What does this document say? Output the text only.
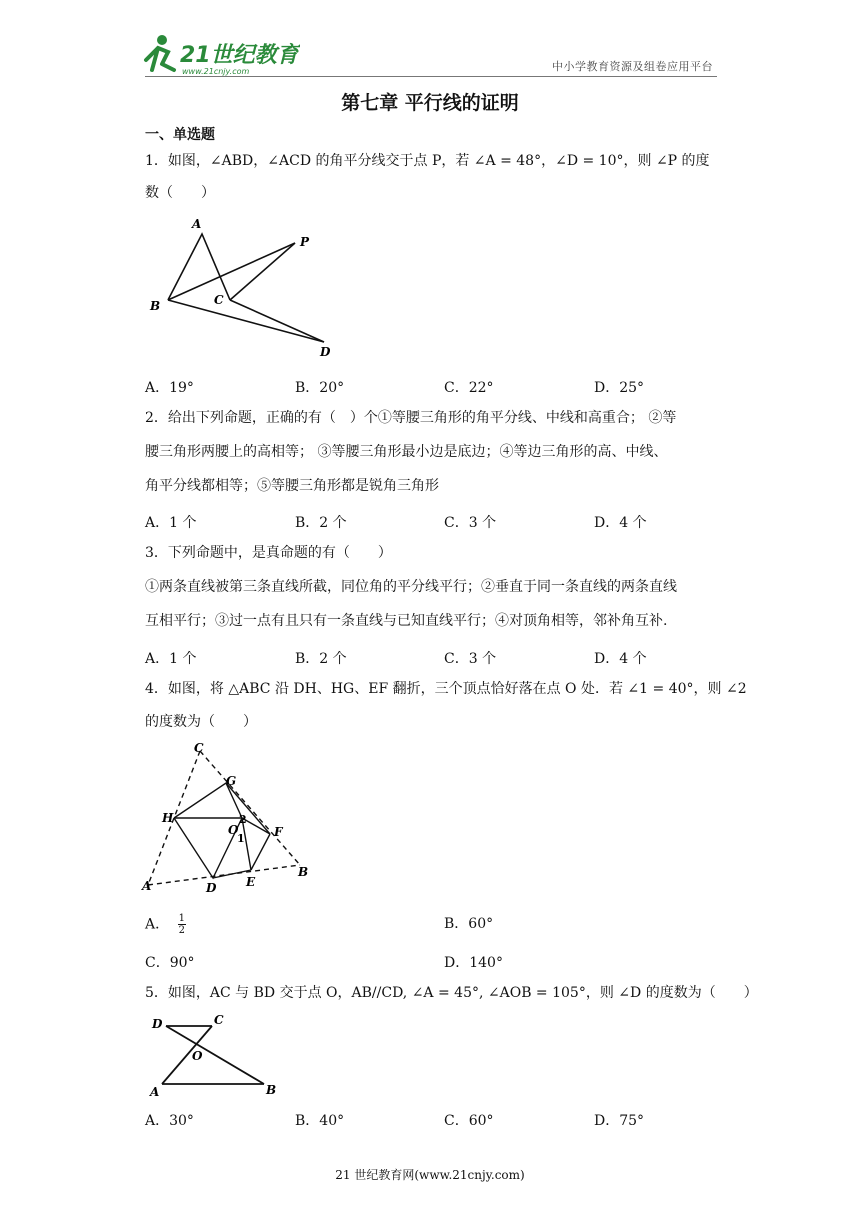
21世纪教育
www.21cnjy.com	中小学教育资源及组卷应用平台
第七章 平行线的证明
一、单选题
1．如图，∠ABD，∠ACD 的角平分线交于点 P，若 ∠A = 48°，∠D = 10°，则 ∠P 的度
数（　　）
A
P
B	C
D
A．19°	B．20°	C．22°	D．25°
2．给出下列命题，正确的有（　）个①等腰三角形的角平分线、中线和高重合； ②等
腰三角形两腰上的高相等； ③等腰三角形最小边是底边；④等边三角形的高、中线、
角平分线都相等；⑤等腰三角形都是锐角三角形
A．1 个	B．2 个	C．3 个	D．4 个
3．下列命题中，是真命题的有（　　）
①两条直线被第三条直线所截，同位角的平分线平行；②垂直于同一条直线的两条直线
互相平行；③过一点有且只有一条直线与已知直线平行；④对顶角相等，邻补角互补.
A．1 个	B．2 个	C．3 个	D．4 个
4．如图，将 △ABC 沿 DH、HG、EF 翻折，三个顶点恰好落在点 O 处．若 ∠1 = 40°，则 ∠2
的度数为（　　）
C
G
H	2
O	F
1
A	D E
B
A． $\frac{1}{2}$	B．60°
C．90°	D．140°
5．如图，AC 与 BD 交于点 O，AB//CD, ∠A = 45°, ∠AOB = 105°，则 ∠D 的度数为（　　）
D	C
O
A	B
A．30°	B．40°	C．60°	D．75°
21 世纪教育网(www.21cnjy.com)
